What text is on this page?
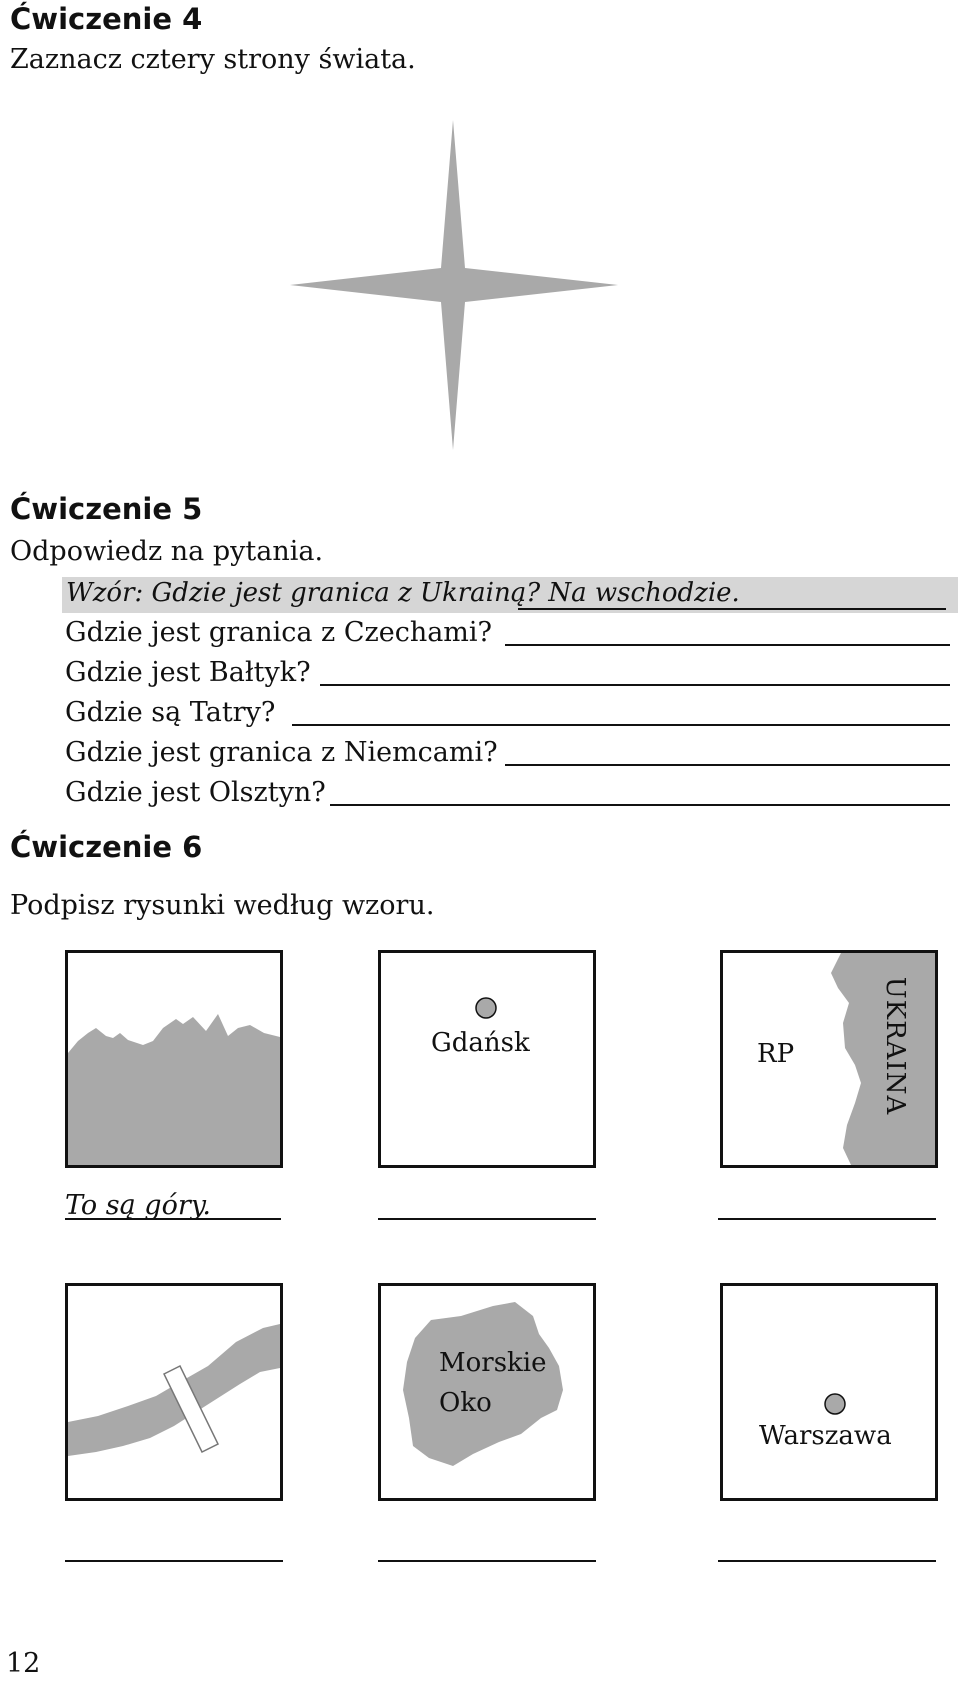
Ćwiczenie 4
Zaznacz cztery strony świata.
Ćwiczenie 5
Odpowiedz na pytania.
Wzór: Gdzie jest granica z Ukrainą? Na wschodzie.
Gdzie jest granica z Czechami?
Gdzie jest Bałtyk?
Gdzie są Tatry?
Gdzie jest granica z Niemcami?
Gdzie jest Olsztyn?
Ćwiczenie 6
Podpisz rysunki według wzoru.
Gdańsk	RP	UKRAINA
To są góry.
Morskie
Oko
Warszawa
12
